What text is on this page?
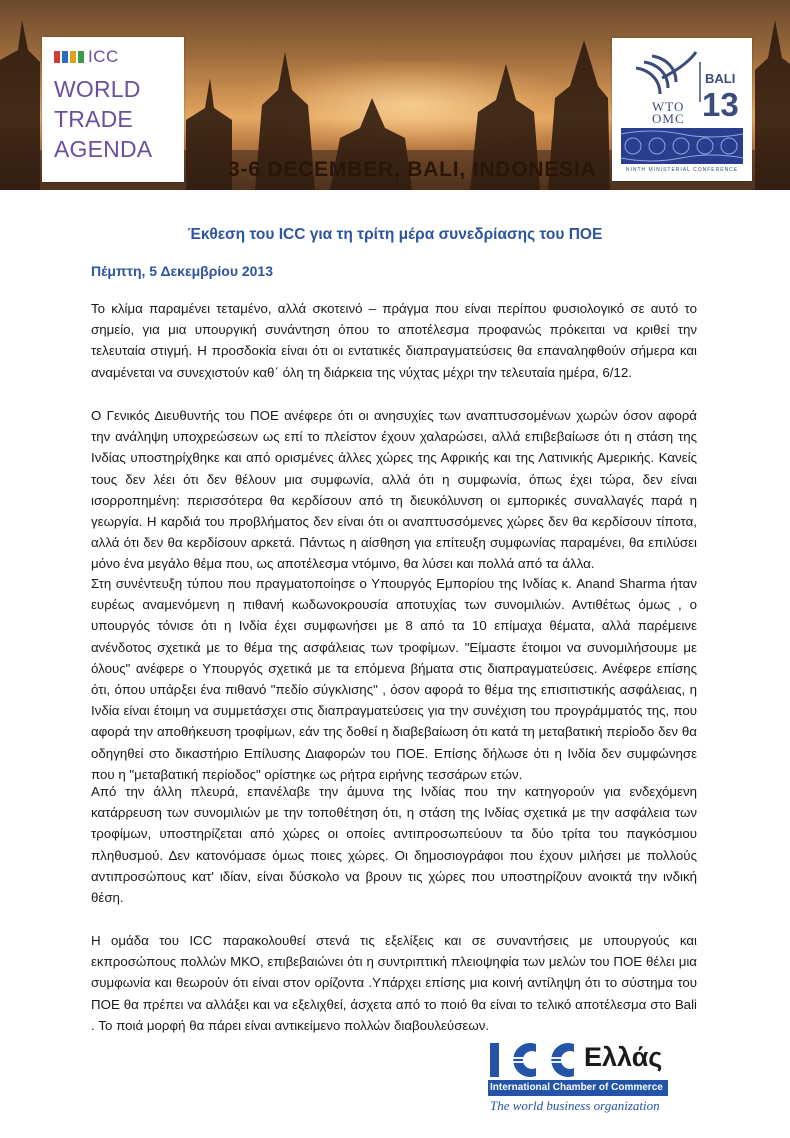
ICC
WORLD
TRADE
AGENDA
BALI
13
WTO
OMC
NINTH MINISTERIAL CONFERENCE
3-6 DECEMBER, BALI, INDONESIA
Έκθεση του ICC για τη τρίτη μέρα συνεδρίασης του ΠΟΕ
Πέμπτη, 5 Δεκεμβρίου 2013

Το κλίμα παραμένει τεταμένο, αλλά σκοτεινό – πράγμα που είναι περίπου φυσιολογικό σε αυτό το σημείο, για μια υπουργική συνάντηση όπου το αποτέλεσμα προφανώς πρόκειται να κριθεί την τελευταία στιγμή. Η προσδοκία είναι ότι οι εντατικές διαπραγματεύσεις θα επαναληφθούν σήμερα και αναμένεται να συνεχιστούν καθ΄ όλη τη διάρκεια της νύχτας μέχρι την τελευταία ημέρα, 6/12.

Ο Γενικός Διευθυντής του ΠΟΕ ανέφερε ότι οι ανησυχίες των αναπτυσσομένων χωρών όσον αφορά την ανάληψη υποχρεώσεων ως επί το πλείστον έχουν χαλαρώσει, αλλά επιβεβαίωσε ότι η στάση της Ινδίας υποστηρίχθηκε και από ορισμένες άλλες χώρες της Αφρικής και της Λατινικής Αμερικής. Κανείς τους δεν λέει ότι δεν θέλουν μια συμφωνία, αλλά ότι η συμφωνία, όπως έχει τώρα, δεν είναι ισορροπημένη: περισσότερα θα κερδίσουν από τη διευκόλυνση οι εμπορικές συναλλαγές παρά η γεωργία. Η καρδιά του προβλήματος δεν είναι ότι οι αναπτυσσόμενες χώρες δεν θα κερδίσουν τίποτα, αλλά ότι δεν θα κερδίσουν αρκετά. Πάντως η αίσθηση για επίτευξη συμφωνίας παραμένει, θα επιλύσει μόνο ένα μεγάλο θέμα που, ως αποτέλεσμα ντόμινο, θα λύσει και πολλά από τα άλλα.

Στη συνέντευξη τύπου που πραγματοποίησε ο Υπουργός Εμπορίου της Ινδίας κ. Anand Sharma ήταν ευρέως αναμενόμενη η πιθανή κωδωνοκρουσία αποτυχίας των συνομιλιών. Αντιθέτως όμως , ο υπουργός τόνισε ότι η Ινδία έχει συμφωνήσει με 8 από τα 10 επίμαχα θέματα, αλλά παρέμεινε ανένδοτος σχετικά με το θέμα της ασφάλειας των τροφίμων. "Είμαστε έτοιμοι να συνομιλήσουμε με όλους" ανέφερε ο Υπουργός σχετικά με τα επόμενα βήματα στις διαπραγματεύσεις. Ανέφερε επίσης ότι, όπου υπάρξει ένα πιθανό "πεδίο σύγκλισης" , όσον αφορά το θέμα της επισιτιστικής ασφάλειας, η Ινδία είναι έτοιμη να συμμετάσχει στις διαπραγματεύσεις για την συνέχιση του προγράμματός της, που αφορά την αποθήκευση τροφίμων, εάν της δοθεί η διαβεβαίωση ότι κατά τη μεταβατική περίοδο δεν θα οδηγηθεί στο δικαστήριο Επίλυσης Διαφορών του ΠΟΕ. Επίσης δήλωσε ότι η Ινδία δεν συμφώνησε που η "μεταβατική περίοδος" ορίστηκε ως ρήτρα ειρήνης τεσσάρων ετών.

Από την άλλη πλευρά, επανέλαβε την άμυνα της Ινδίας που την κατηγορούν για ενδεχόμενη κατάρρευση των συνομιλιών με την τοποθέτηση ότι, η στάση της Ινδίας σχετικά με την ασφάλεια των τροφίμων, υποστηρίζεται από χώρες οι οποίες αντιπροσωπεύουν τα δύο τρίτα του παγκόσμιου πληθυσμού. Δεν κατονόμασε όμως ποιες χώρες. Οι δημοσιογράφοι που έχουν μιλήσει με πολλούς αντιπροσώπους κατ' ιδίαν, είναι δύσκολο να βρουν τις χώρες που υποστηρίζουν ανοικτά την ινδική θέση.

Η ομάδα του ICC παρακολουθεί στενά τις εξελίξεις και σε συναντήσεις με υπουργούς και εκπροσώπους πολλών ΜΚΟ, επιβεβαιώνει ότι η συντριπτική πλειοψηφία των μελών του ΠΟΕ θέλει μια συμφωνία και θεωρούν ότι είναι στον ορίζοντα .Υπάρχει επίσης μια κοινή αντίληψη ότι το σύστημα του ΠΟΕ θα πρέπει να αλλάξει και να εξελιχθεί, άσχετα από το ποιό θα είναι το τελικό αποτέλεσμα στο Bali . Το ποιά μορφή θα πάρει είναι αντικείμενο πολλών διαβουλεύσεων.

Ελλάς
International Chamber of Commerce
The world business organization
